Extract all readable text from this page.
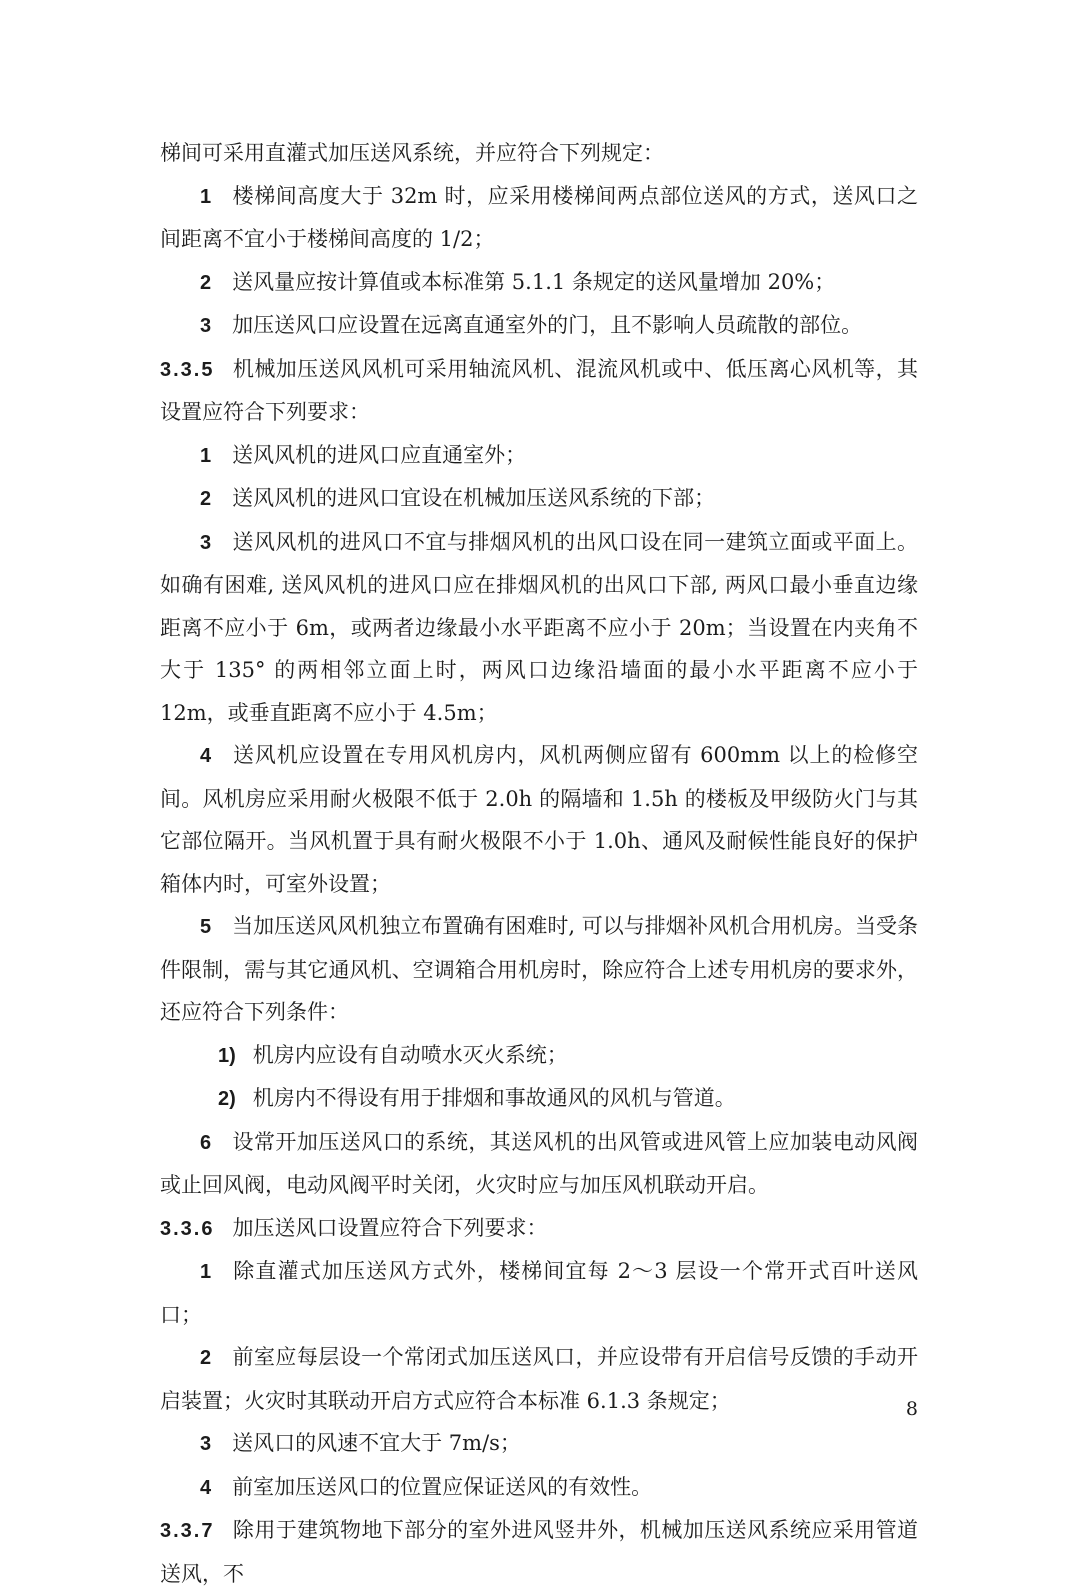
梯间可采用直灌式加压送风系统，并应符合下列规定：

1 楼梯间高度大于 32m 时，应采用楼梯间两点部位送风的方式，送风口之间距离不宜小于楼梯间高度的 1/2；

2 送风量应按计算值或本标准第 5.1.1 条规定的送风量增加 20%；

3 加压送风口应设置在远离直通室外的门，且不影响人员疏散的部位。

3.3.5 机械加压送风风机可采用轴流风机、混流风机或中、低压离心风机等，其设置应符合下列要求：

1 送风风机的进风口应直通室外；

2 送风风机的进风口宜设在机械加压送风系统的下部；

3 送风风机的进风口不宜与排烟风机的出风口设在同一建筑立面或平面上。如确有困难, 送风风机的进风口应在排烟风机的出风口下部, 两风口最小垂直边缘距离不应小于 6m，或两者边缘最小水平距离不应小于 20m；当设置在内夹角不大于 135° 的两相邻立面上时，两风口边缘沿墙面的最小水平距离不应小于 12m，或垂直距离不应小于 4.5m；

4 送风机应设置在专用风机房内，风机两侧应留有 600mm 以上的检修空间。风机房应采用耐火极限不低于 2.0h 的隔墙和 1.5h 的楼板及甲级防火门与其它部位隔开。当风机置于具有耐火极限不小于 1.0h、通风及耐候性能良好的保护箱体内时，可室外设置；

5 当加压送风风机独立布置确有困难时, 可以与排烟补风机合用机房。当受条件限制，需与其它通风机、空调箱合用机房时，除应符合上述专用机房的要求外，还应符合下列条件：

1) 机房内应设有自动喷水灭火系统；

2) 机房内不得设有用于排烟和事故通风的风机与管道。

6 设常开加压送风口的系统，其送风机的出风管或进风管上应加装电动风阀或止回风阀，电动风阀平时关闭，火灾时应与加压风机联动开启。

3.3.6 加压送风口设置应符合下列要求：

1 除直灌式加压送风方式外，楼梯间宜每 2～3 层设一个常开式百叶送风口；

2 前室应每层设一个常闭式加压送风口，并应设带有开启信号反馈的手动开启装置；火灾时其联动开启方式应符合本标准 6.1.3 条规定；

3 送风口的风速不宜大于 7m/s；

4 前室加压送风口的位置应保证送风的有效性。

3.3.7 除用于建筑物地下部分的室外进风竖井外，机械加压送风系统应采用管道送风，不

8
